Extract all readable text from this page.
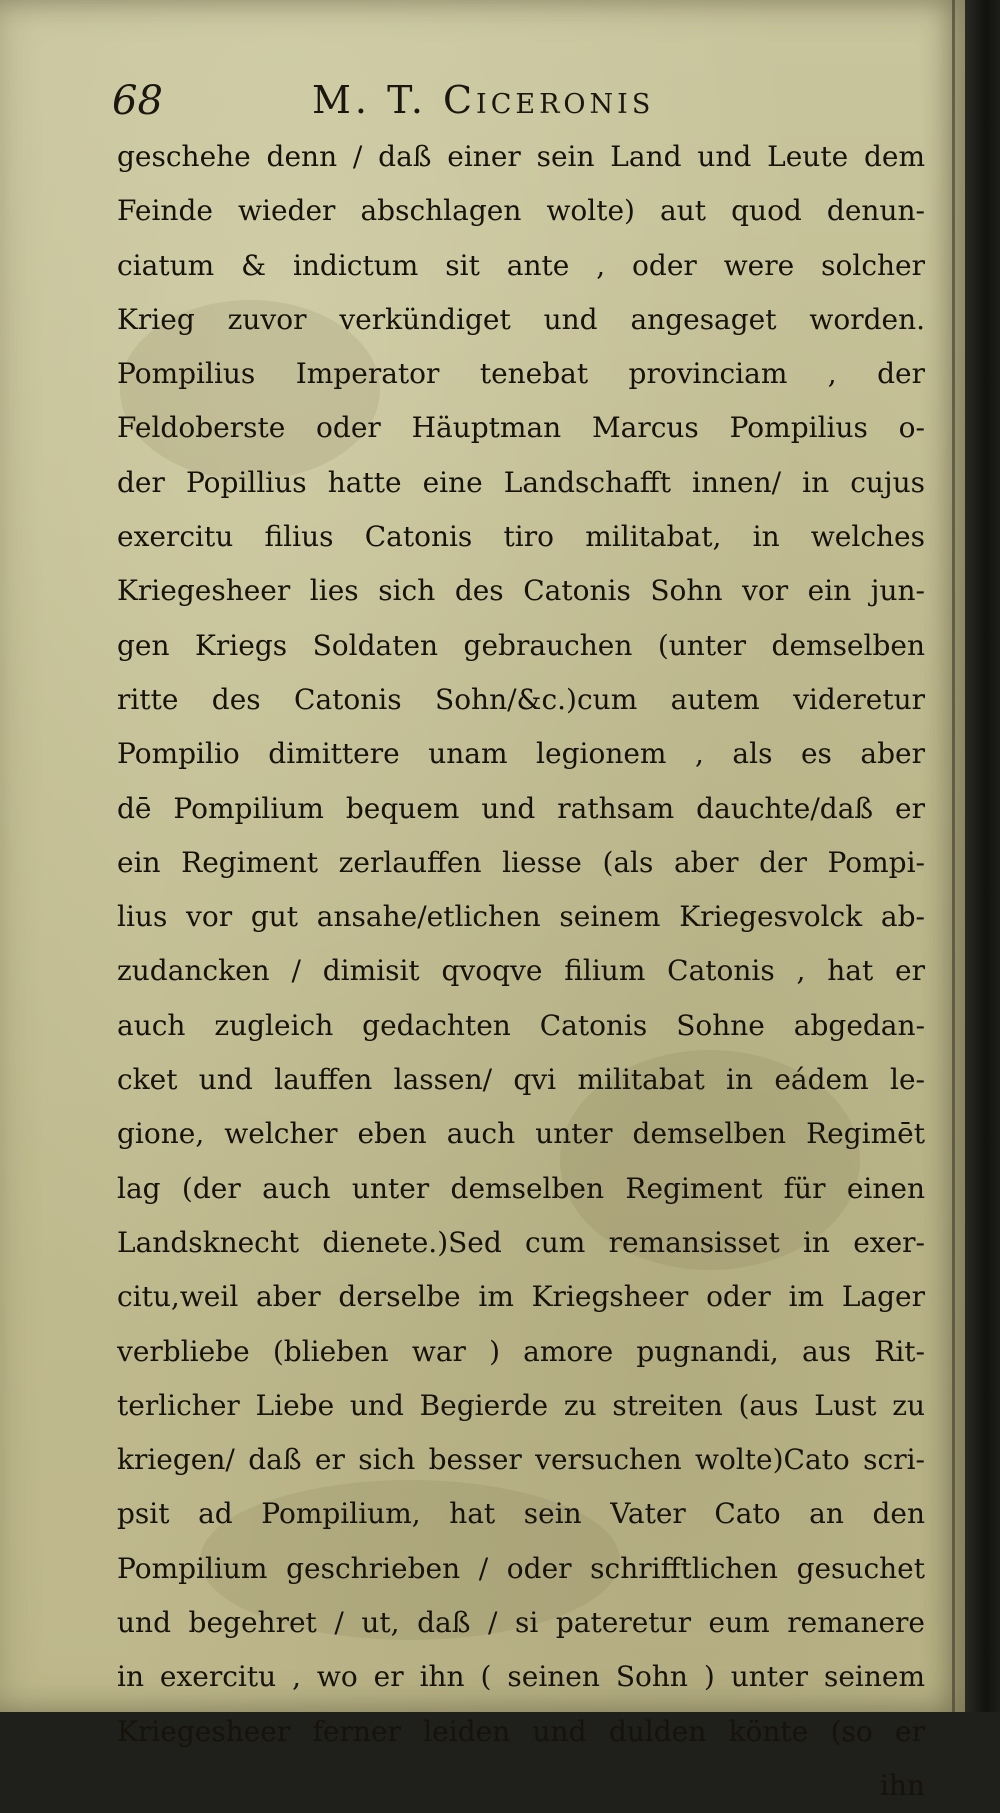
68	M. T. Ciceronis
geschehe denn / daß einer sein Land und Leute dem
Feinde wieder abschlagen wolte) aut quod denun-
ciatum & indictum sit ante , oder were solcher
Krieg zuvor verkündiget und angesaget worden.
Pompilius Imperator tenebat provinciam , der
Feldoberste oder Häuptman Marcus Pompilius o-
der Popillius hatte eine Landschafft innen/ in cujus
exercitu filius Catonis tiro militabat, in welches
Kriegesheer lies sich des Catonis Sohn vor ein jun-
gen Kriegs Soldaten gebrauchen (unter demselben
ritte des Catonis Sohn/&c.)cum autem videretur
Pompilio dimittere unam legionem , als es aber
dē Pompilium bequem und rathsam dauchte/daß er
ein Regiment zerlauffen liesse (als aber der Pompi-
lius vor gut ansahe/etlichen seinem Kriegesvolck ab-
zudancken / dimisit qvoqve filium Catonis , hat er
auch zugleich gedachten Catonis Sohne abgedan-
cket und lauffen lassen/ qvi militabat in eádem le-
gione, welcher eben auch unter demselben Regimēt
lag (der auch unter demselben Regiment für einen
Landsknecht dienete.)Sed cum remansisset in exer-
citu,weil aber derselbe im Kriegsheer oder im Lager
verbliebe (blieben war ) amore pugnandi, aus Rit-
terlicher Liebe und Begierde zu streiten (aus Lust zu
kriegen/ daß er sich besser versuchen wolte)Cato scri-
psit ad Pompilium, hat sein Vater Cato an den
Pompilium geschrieben / oder schrifftlichen gesuchet
und begehret / ut, daß / si pateretur eum remanere
in exercitu , wo er ihn ( seinen Sohn ) unter seinem
Kriegesheer ferner leiden und dulden könte (so er
ihn
